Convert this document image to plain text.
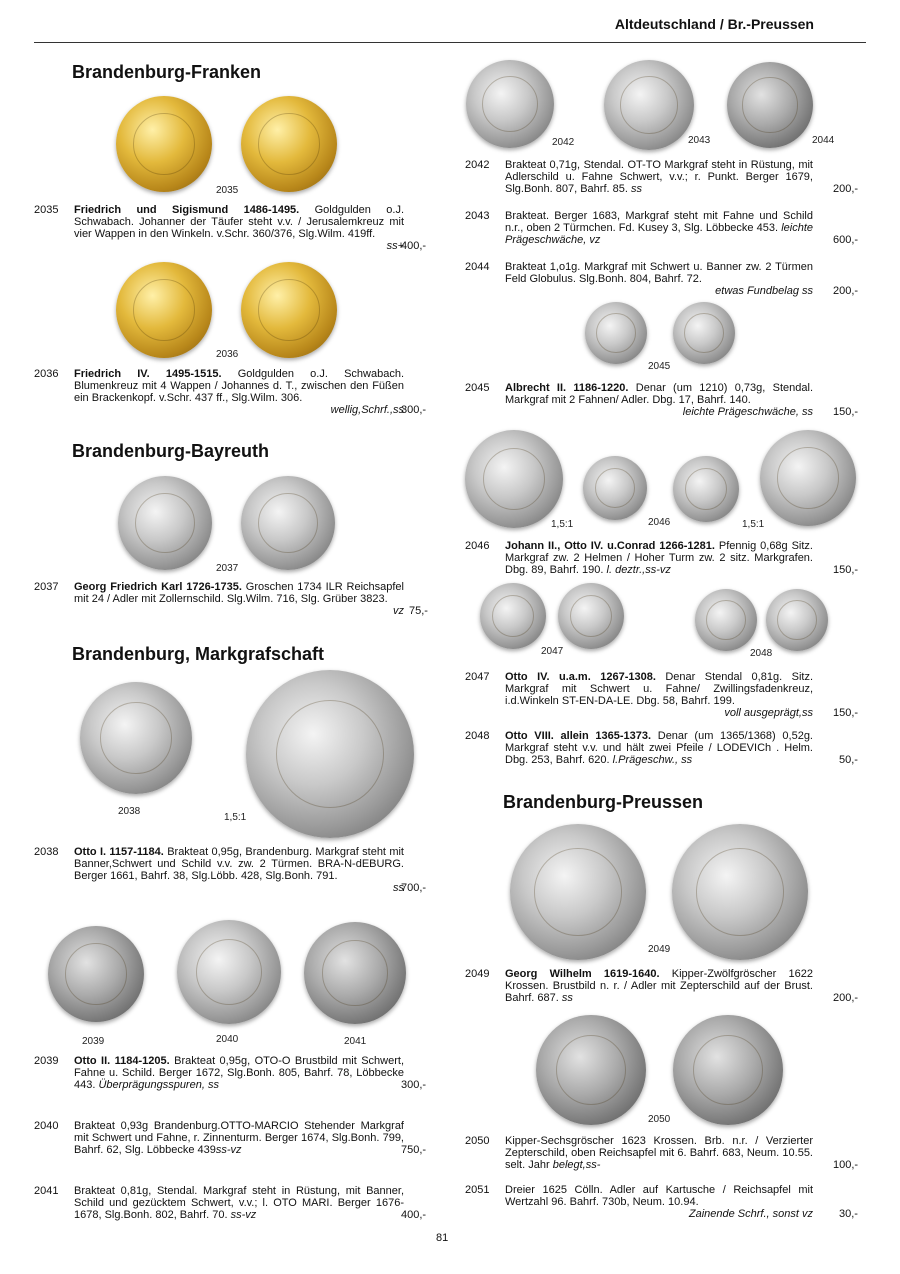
Altdeutschland / Br.-Preussen
Brandenburg-Franken
2035
2035 Friedrich und Sigismund 1486-1495. Goldgulden o.J. Schwabach. Johanner der Täufer steht v.v. / Jerusalemkreuz mit vier Wappen in den Winkeln. v.Schr. 360/376, Slg.Wilm. 419ff.
ss+
400,-
2036
2036 Friedrich IV. 1495-1515. Goldgulden o.J. Schwabach. Blumenkreuz mit 4 Wappen / Johannes d. T., zwischen den Füßen ein Brackenkopf. v.Schr. 437 ff., Slg.Wilm. 306.
wellig,Schrf.,ss
300,-
Brandenburg-Bayreuth
2037
2037 Georg Friedrich Karl 1726-1735. Groschen 1734 ILR Reichsapfel mit 24 / Adler mit Zollernschild. Slg.Wilm. 716, Slg. Grüber 3823.
vz 75,-
Brandenburg, Markgrafschaft
2038
1,5:1
2038 Otto I. 1157-1184. Brakteat 0,95g, Brandenburg. Markgraf steht mit Banner,Schwert und Schild v.v. zw. 2 Türmen. BRA-N-dEBURG. Berger 1661, Bahrf. 38, Slg.Löbb. 428, Slg.Bonh. 791.
ss
700,-
2039	2040	2041
2039 Otto II. 1184-1205. Brakteat 0,95g, OTO-O Brustbild mit Schwert, Fahne u. Schild. Berger 1672, Slg.Bonh. 805, Bahrf. 78, Löbbecke 443. Überprägungsspuren, ss	300,-
2040 Brakteat 0,93g Brandenburg.OTTO-MARCIO Stehender Markgraf mit Schwert und Fahne, r. Zinnenturm. Berger 1674, Slg.Bonh. 799, Bahrf. 62, Slg. Löbbecke 439ss-vz	750,-
2041 Brakteat 0,81g, Stendal. Markgraf steht in Rüstung, mit Banner, Schild und gezücktem Schwert, v.v.; l. OTO MARI. Berger 1676-1678, Slg.Bonh. 802, Bahrf. 70. ss-vz	400,-
2042	2043	2044
2042 Brakteat 0,71g, Stendal. OT-TO Markgraf steht in Rüstung, mit Adlerschild u. Fahne Schwert, v.v.; r. Punkt. Berger 1679, Slg.Bonh. 807, Bahrf. 85. ss	200,-
2043 Brakteat. Berger 1683, Markgraf steht mit Fahne und Schild n.r., oben 2 Türmchen. Fd. Kusey 3, Slg. Löbbecke 453. leichte Prägeschwäche, vz	600,-
2044 Brakteat 1,o1g. Markgraf mit Schwert u. Banner zw. 2 Türmen Feld Globulus. Slg.Bonh. 804, Bahrf. 72.
etwas Fundbelag ss 200,-
2045
2045 Albrecht II. 1186-1220. Denar (um 1210) 0,73g, Stendal. Markgraf mit 2 Fahnen/ Adler. Dbg. 17, Bahrf. 140.
leichte Prägeschwäche, ss 150,-
1,5:1	2046	1,5:1
2046 Johann II., Otto IV. u.Conrad 1266-1281. Pfennig 0,68g Sitz. Markgraf zw. 2 Helmen / Hoher Turm zw. 2 sitz. Markgrafen. Dbg. 89, Bahrf. 190. l. deztr.,ss-vz	150,-
2047	2048
2047 Otto IV. u.a.m. 1267-1308. Denar Stendal 0,81g. Sitz. Markgraf mit Schwert u. Fahne/ Zwillingsfadenkreuz, i.d.Winkeln ST-EN-DA-LE. Dbg. 58, Bahrf. 199.
voll ausgeprägt,ss 150,-
2048 Otto VIII. allein 1365-1373. Denar (um 1365/1368) 0,52g. Markgraf steht v.v. und hält zwei Pfeile / LODEVICh . Helm. Dbg. 253, Bahrf. 620. l.Prägeschw., ss	50,-
Brandenburg-Preussen
2049
2049 Georg Wilhelm 1619-1640. Kipper-Zwölfgröscher 1622 Krossen. Brustbild n. r. / Adler mit Zepterschild auf der Brust. Bahrf. 687. ss	200,-
2050
2050 Kipper-Sechsgröscher 1623 Krossen. Brb. n.r. / Verzierter Zepterschild, oben Reichsapfel mit 6. Bahrf. 683, Neum. 10.55. selt. Jahr belegt,ss-	100,-
2051 Dreier 1625 Cölln. Adler auf Kartusche / Reichsapfel mit Wertzahl 96. Bahrf. 730b, Neum. 10.94.
Zainende Schrf., sonst vz 30,-
81
